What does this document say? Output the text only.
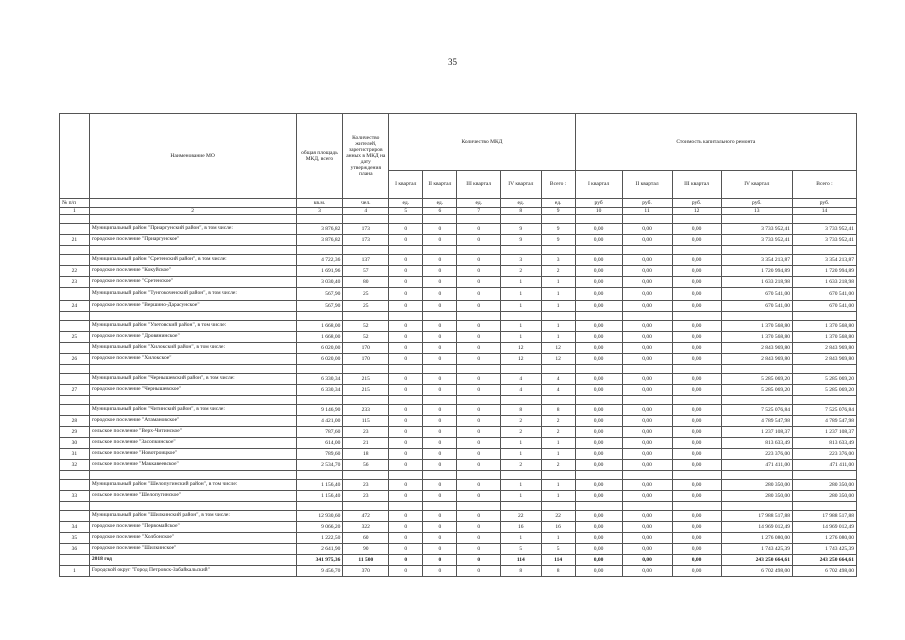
35
	Наименование МО	общая площадь МКД, всего	Количество жителей, зарегистриров анных в МКД на дату утверждения плана	Количество МКД					Стоимость капитального ремонта				
				I квартал	II квартал	III квартал	IV квартал	Всего :	I квартал	II квартал	III квартал	IV квартал	Всего :
№ п/п		кв.м.	чел.	ед.	ед.	ед.	ед.	ед.	руб	руб.	руб.	руб.	руб.
1	2	3	4	5	6	7	8	9	10	11	12	13	14

	Муниципальный район "Приаргунский район", в том числе:	3 876,82	173	0	0	0	9	9	0,00	0,00	0,00	3 733 952,41	3 733 952,41
21	городское поселение "Приаргунское"	3 876,82	173	0	0	0	9	9	0,00	0,00	0,00	3 733 952,41	3 733 952,41

	Муниципальный район "Сретенский район", в том числе:	4 722,36	137	0	0	0	3	3	0,00	0,00	0,00	3 354 213,87	3 354 213,87
22	городское поселение "Кокуйское"	1 691,96	57	0	0	0	2	2	0,00	0,00	0,00	1 720 994,89	1 720 994,89
23	городское поселение "Сретенское"	3 030,40	80	0	0	0	1	1	0,00	0,00	0,00	1 633 218,98	1 633 218,98
	Муниципальный район "Тунгокоченский район", в том числе:	567,90	25	0	0	0	1	1	0,00	0,00	0,00	670 541,00	670 541,00
24	городское поселение "Вершино-Дарасунское"	567,90	25	0	0	0	1	1	0,00	0,00	0,00	670 541,00	670 541,00

	Муниципальный район "Улетовский район", в том числе:	1 668,00	52	0	0	0	1	1	0,00	0,00	0,00	1 370 568,80	1 370 568,80
25	городское поселение "Дровянинское"	1 668,00	52	0	0	0	1	1	0,00	0,00	0,00	1 370 568,80	1 370 568,80
	Муниципальный район "Хилокский район", в том числе:	6 020,00	170	0	0	0	12	12	0,00	0,00	0,00	2 843 969,80	2 843 969,80
26	городское поселение "Хилокское"	6 020,00	170	0	0	0	12	12	0,00	0,00	0,00	2 843 969,80	2 843 969,80

	Муниципальный район "Чернышевский район", в том числе:	6 330,34	215	0	0	0	4	4	0,00	0,00	0,00	5 285 069,20	5 285 069,20
27	городское поселение "Чернышевское"	6 330,34	215	0	0	0	4	4	0,00	0,00	0,00	5 285 069,20	5 285 069,20

	Муниципальный район "Читинский район", в том числе:	9 146,90	233	0	0	0	8	8	0,00	0,00	0,00	7 525 076,84	7 525 076,84
28	городское поселение "Атамановское"	4 421,00	115	0	0	0	2	2	0,00	0,00	0,00	4 789 547,98	4 789 547,98
29	сельское поселение "Верх-Читинское"	787,60	23	0	0	0	2	2	0,00	0,00	0,00	1 237 108,37	1 237 108,37
30	сельское поселение "Засопкинское"	614,00	21	0	0	0	1	1	0,00	0,00	0,00	813 633,49	813 633,49
31	сельское поселение "Новотроицкое"	789,60	18	0	0	0	1	1	0,00	0,00	0,00	223 376,00	223 376,00
32	сельское поселение "Маккавеевское"	2 534,70	56	0	0	0	2	2	0,00	0,00	0,00	471 411,00	471 411,00

	Муниципальный район "Шелопугинский район", в том числе:	1 156,40	23	0	0	0	1	1	0,00	0,00	0,00	280 350,00	280 350,00
33	сельское поселение "Шелопугинское"	1 156,40	23	0	0	0	1	1	0,00	0,00	0,00	280 350,00	280 350,00

	Муниципальный район "Шилкинский район", в том числе:	12 930,60	472	0	0	0	22	22	0,00	0,00	0,00	17 988 517,88	17 988 517,88
34	городское поселение "Первомайское"	9 066,20	322	0	0	0	16	16	0,00	0,00	0,00	14 969 012,49	14 969 012,49
35	городское поселение "Холбонское"	1 222,50	60	0	0	0	1	1	0,00	0,00	0,00	1 276 080,00	1 276 080,00
36	городское поселение "Шилкинское"	2 641,90	90	0	0	0	5	5	0,00	0,00	0,00	1 743 425,39	1 743 425,39
	2018 год	341 975,36	11 500	0	0	0	114	114	0,00	0,00	0,00	243 250 664,61	243 250 664,61
1	Городской округ "Город Петровск-Забайкальский"	9 456,70	370	0	0	0	8	8	0,00	0,00	0,00	6 702 498,00	6 702 498,00
